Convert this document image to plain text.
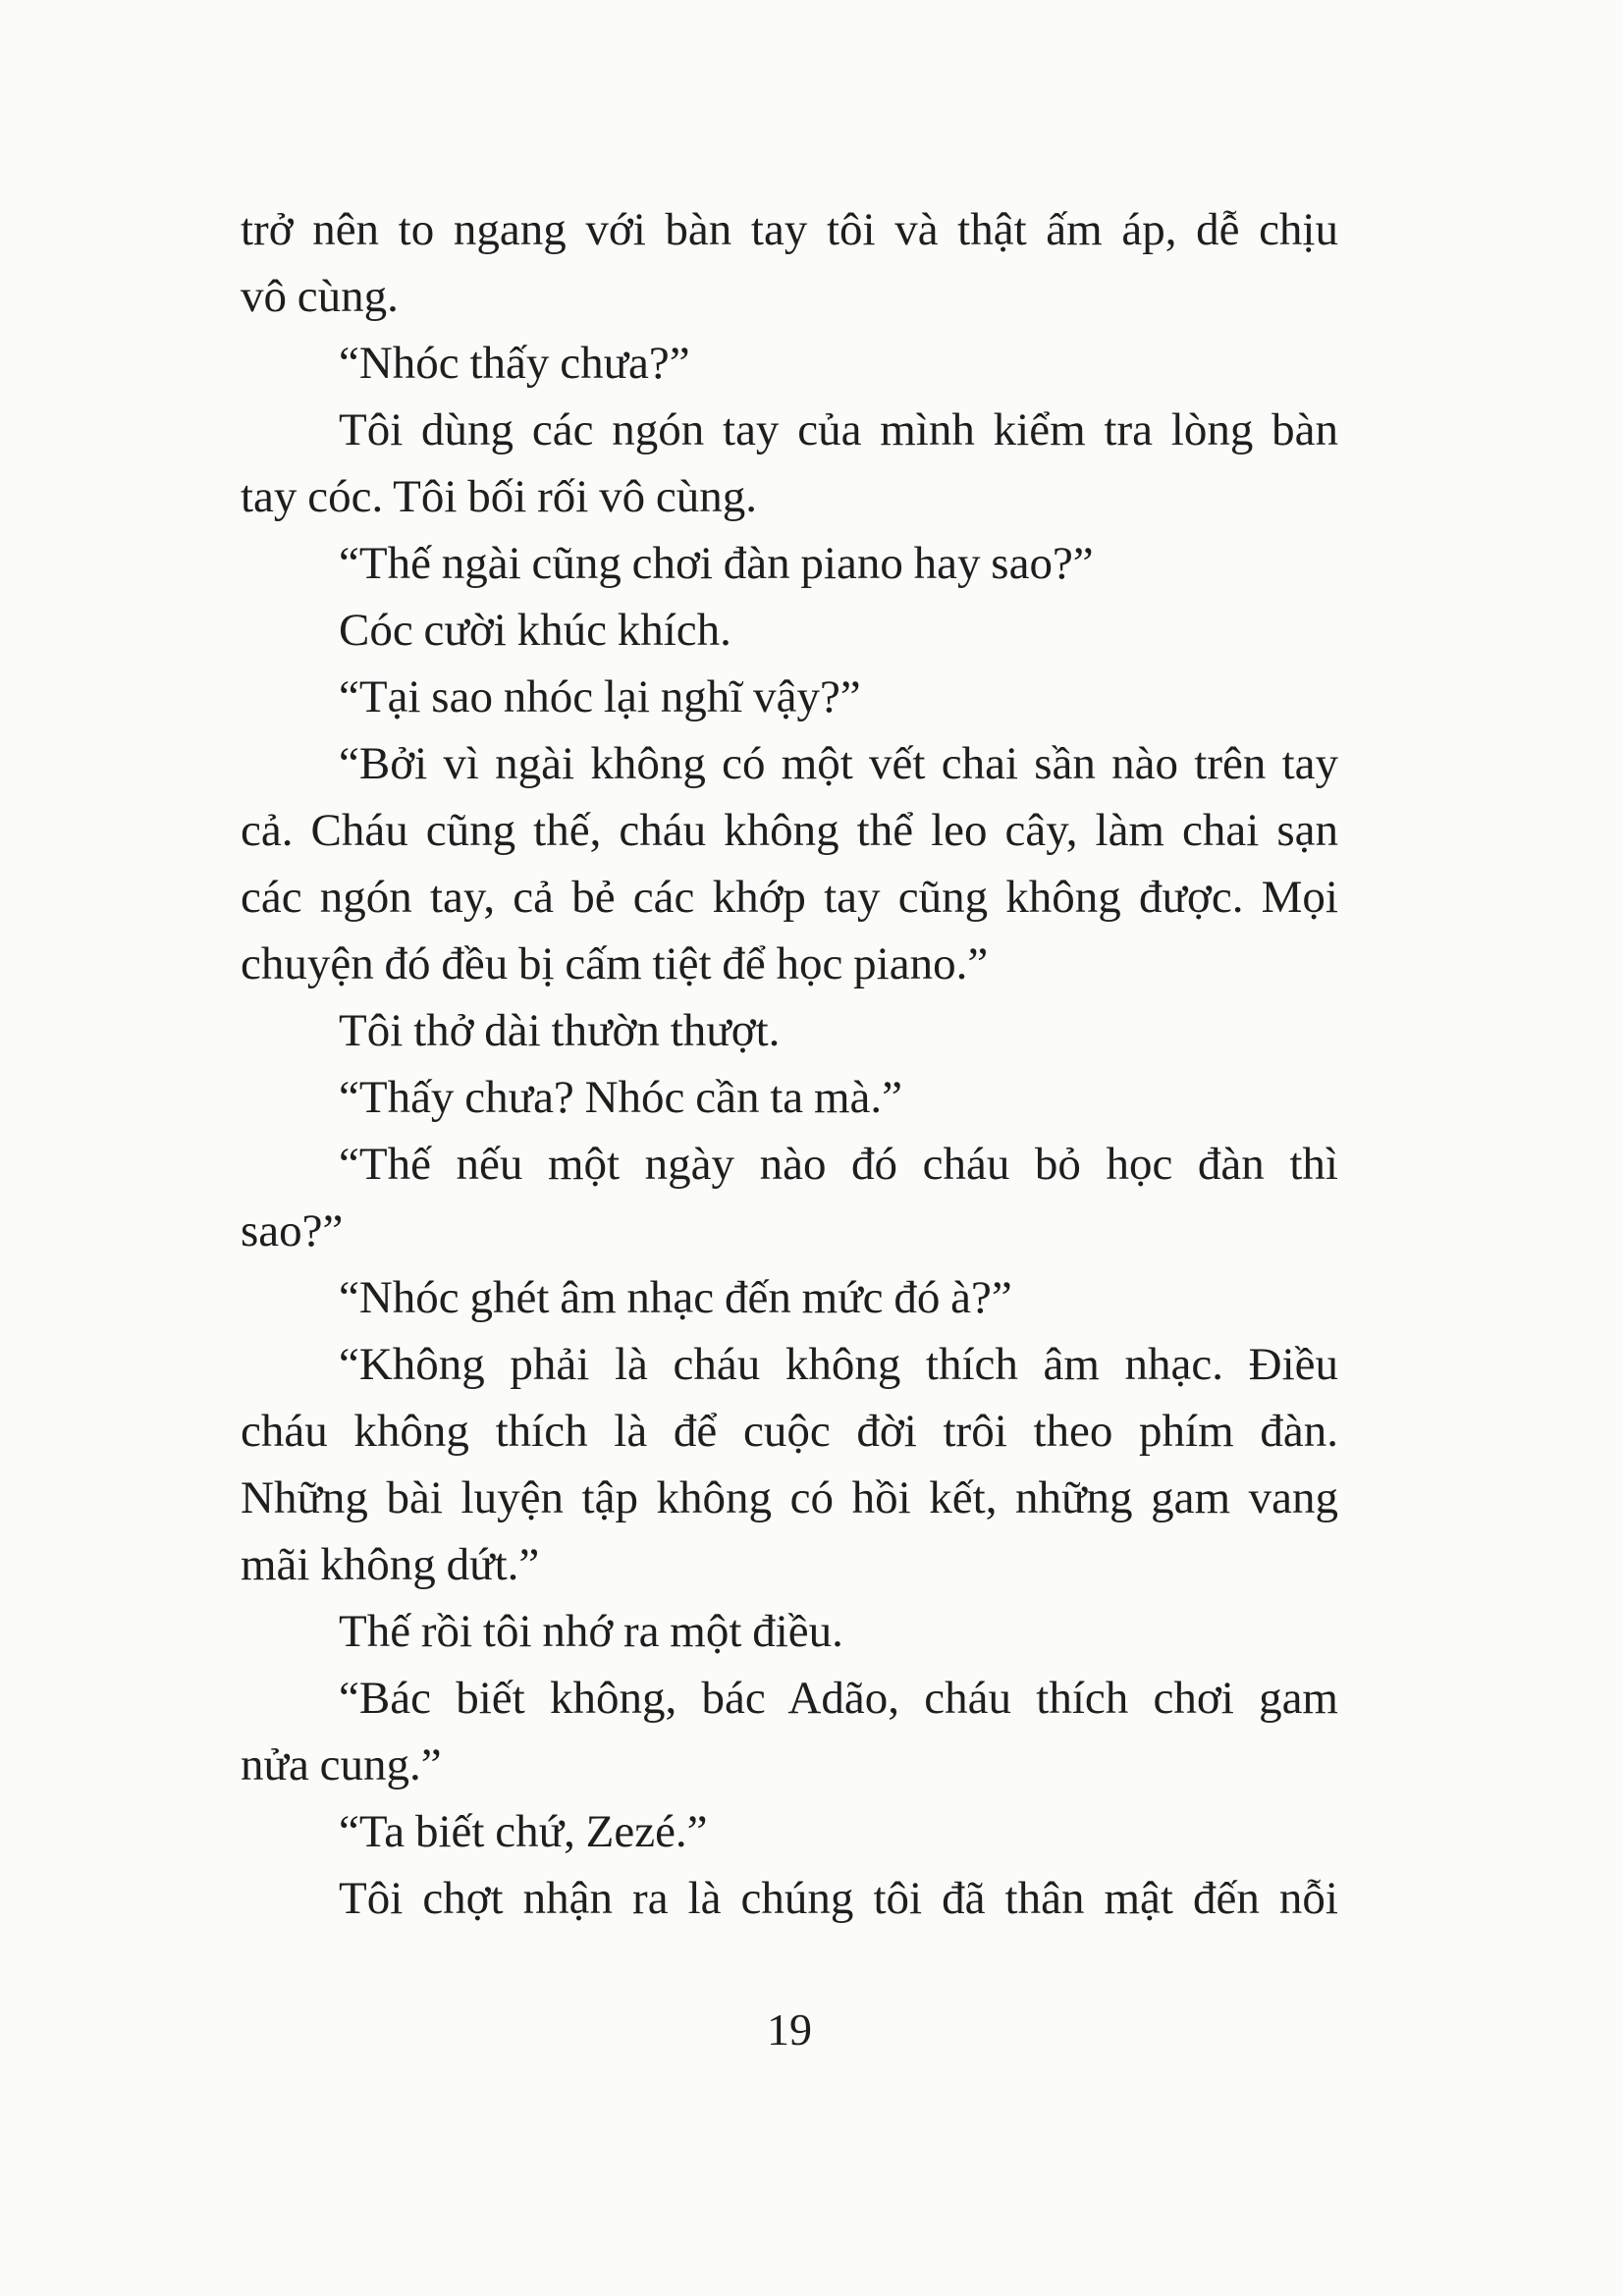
trở nên to ngang với bàn tay tôi và thật ấm áp, dễ chịu
vô cùng.

“Nhóc thấy chưa?”

Tôi dùng các ngón tay của mình kiểm tra lòng bàn
tay cóc. Tôi bối rối vô cùng.

“Thế ngài cũng chơi đàn piano hay sao?”

Cóc cười khúc khích.

“Tại sao nhóc lại nghĩ vậy?”

“Bởi vì ngài không có một vết chai sần nào trên tay
cả. Cháu cũng thế, cháu không thể leo cây, làm chai sạn
các ngón tay, cả bẻ các khớp tay cũng không được. Mọi
chuyện đó đều bị cấm tiệt để học piano.”

Tôi thở dài thườn thượt.

“Thấy chưa? Nhóc cần ta mà.”

“Thế nếu một ngày nào đó cháu bỏ học đàn thì
sao?”

“Nhóc ghét âm nhạc đến mức đó à?”

“Không phải là cháu không thích âm nhạc. Điều
cháu không thích là để cuộc đời trôi theo phím đàn.
Những bài luyện tập không có hồi kết, những gam vang
mãi không dứt.”

Thế rồi tôi nhớ ra một điều.

“Bác biết không, bác Adão, cháu thích chơi gam
nửa cung.”

“Ta biết chứ, Zezé.”

Tôi chợt nhận ra là chúng tôi đã thân mật đến nỗi

19
